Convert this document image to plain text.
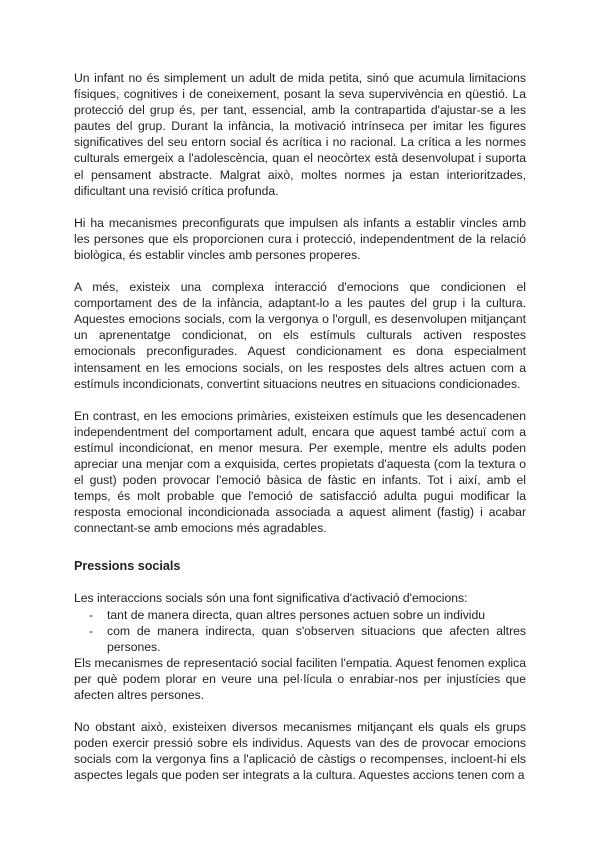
Un infant no és simplement un adult de mida petita, sinó que acumula limitacions físiques, cognitives i de coneixement, posant la seva supervivència en qüestió. La protecció del grup és, per tant, essencial, amb la contrapartida d'ajustar-se a les pautes del grup. Durant la infància, la motivació intrínseca per imitar les figures significatives del seu entorn social és acrítica i no racional. La crítica a les normes culturals emergeix a l'adolescència, quan el neocòrtex està desenvolupat i suporta el pensament abstracte. Malgrat això, moltes normes ja estan interioritzades, dificultant una revisió crítica profunda.

Hi ha mecanismes preconfigurats que impulsen als infants a establir vincles amb les persones que els proporcionen cura i protecció, independentment de la relació biològica, és establir vincles amb persones properes.

A més, existeix una complexa interacció d'emocions que condicionen el comportament des de la infància, adaptant-lo a les pautes del grup i la cultura. Aquestes emocions socials, com la vergonya o l'orgull, es desenvolupen mitjançant un aprenentatge condicionat, on els estímuls culturals activen respostes emocionals preconfigurades. Aquest condicionament es dona especialment intensament en les emocions socials, on les respostes dels altres actuen com a estímuls incondicionats, convertint situacions neutres en situacions condicionades.

En contrast, en les emocions primàries, existeixen estímuls que les desencadenen independentment del comportament adult, encara que aquest també actuï com a estímul incondicionat, en menor mesura. Per exemple, mentre els adults poden apreciar una menjar com a exquisida, certes propietats d'aquesta (com la textura o el gust) poden provocar l'emoció bàsica de fàstic en infants. Tot i així, amb el temps, és molt probable que l'emoció de satisfacció adulta pugui modificar la resposta emocional incondicionada associada a aquest aliment (fastig) i acabar connectant-se amb emocions més agradables.

Pressions socials

Les interaccions socials són una font significativa d'activació d'emocions:

- tant de manera directa, quan altres persones actuen sobre un individu
- com de manera indirecta, quan s'observen situacions que afecten altres persones.

Els mecanismes de representació social faciliten l'empatia. Aquest fenomen explica per què podem plorar en veure una pel·lícula o enrabiar-nos per injustícies que afecten altres persones.

No obstant això, existeixen diversos mecanismes mitjançant els quals els grups poden exercir pressió sobre els individus. Aquests van des de provocar emocions socials com la vergonya fins a l'aplicació de càstigs o recompenses, incloent-hi els aspectes legals que poden ser integrats a la cultura. Aquestes accions tenen com a
